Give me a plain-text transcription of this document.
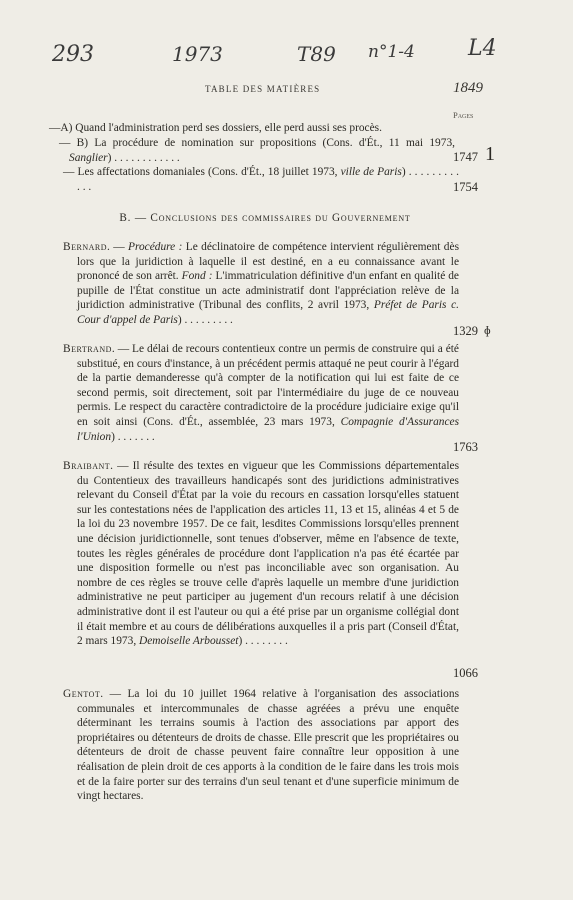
293	1973	T89 n°1-4 L4
TABLE DES MATIÈRES	1849
Pages
—A) Quand l'administration perd ses dossiers, elle perd aussi ses procès.
— B) La procédure de nomination sur propositions (Cons. d'Ét., 11 mai 1973, Sanglier) . . . . . . . . . . . .	1747 1
— Les affectations domaniales (Cons. d'Ét., 18 juillet 1973, ville de Paris) . . . . . . . . . . . .	1754
B. — Conclusions des commissaires du Gouvernement
Bernard. — Procédure : Le déclinatoire de compétence intervient régulièrement dès lors que la juridiction à laquelle il est destiné, en a eu connaissance avant le prononcé de son arrêt. Fond : L'immatriculation définitive d'un enfant en qualité de pupille de l'État constitue un acte administratif dont l'appréciation relève de la juridiction administrative (Tribunal des conflits, 2 avril 1973, Préfet de Paris c. Cour d'appel de Paris) . . . . . . . . .
1329 ɸ
Bertrand. — Le délai de recours contentieux contre un permis de construire qui a été substitué, en cours d'instance, à un précédent permis attaqué ne peut courir à l'égard de la partie demanderesse qu'à compter de la notification qui lui est faite de ce second permis, soit directement, soit par l'intermédiaire du juge de ce nouveau permis. Le respect du caractère contradictoire de la procédure judiciaire exige qu'il en soit ainsi (Cons. d'Ét., assemblée, 23 mars 1973, Compagnie d'Assurances l'Union) . . . . . . .
1763
Braibant. — Il résulte des textes en vigueur que les Commissions départementales du Contentieux des travailleurs handicapés sont des juridictions administratives relevant du Conseil d'État par la voie du recours en cassation lorsqu'elles statuent sur les contestations nées de l'application des articles 11, 13 et 15, alinéas 4 et 5 de la loi du 23 novembre 1957. De ce fait, lesdites Commissions lorsqu'elles prennent une décision juridictionnelle, sont tenues d'observer, même en l'absence de texte, toutes les règles générales de procédure dont l'application n'a pas été écartée par une disposition formelle ou n'est pas inconciliable avec son organisation. Au nombre de ces règles se trouve celle d'après laquelle un membre d'une juridiction administrative ne peut participer au jugement d'un recours relatif à une décision administrative dont il est l'auteur ou qui a été prise par un organisme collégial dont il était membre et au cours de délibérations auxquelles il a pris part (Conseil d'État, 2 mars 1973, Demoiselle Arbousset) . . . . . . . .
1066
Gentot. — La loi du 10 juillet 1964 relative à l'organisation des associations communales et intercommunales de chasse agréées a prévu une enquête déterminant les terrains soumis à l'action des associations par apport des propriétaires ou détenteurs de droits de chasse. Elle prescrit que les propriétaires ou détenteurs de droit de chasse peuvent faire connaître leur opposition à une réalisation de plein droit de ces apports à la condition de le faire dans les trois mois et de la faire porter sur des terrains d'un seul tenant et d'une superficie minimum de vingt hectares.
